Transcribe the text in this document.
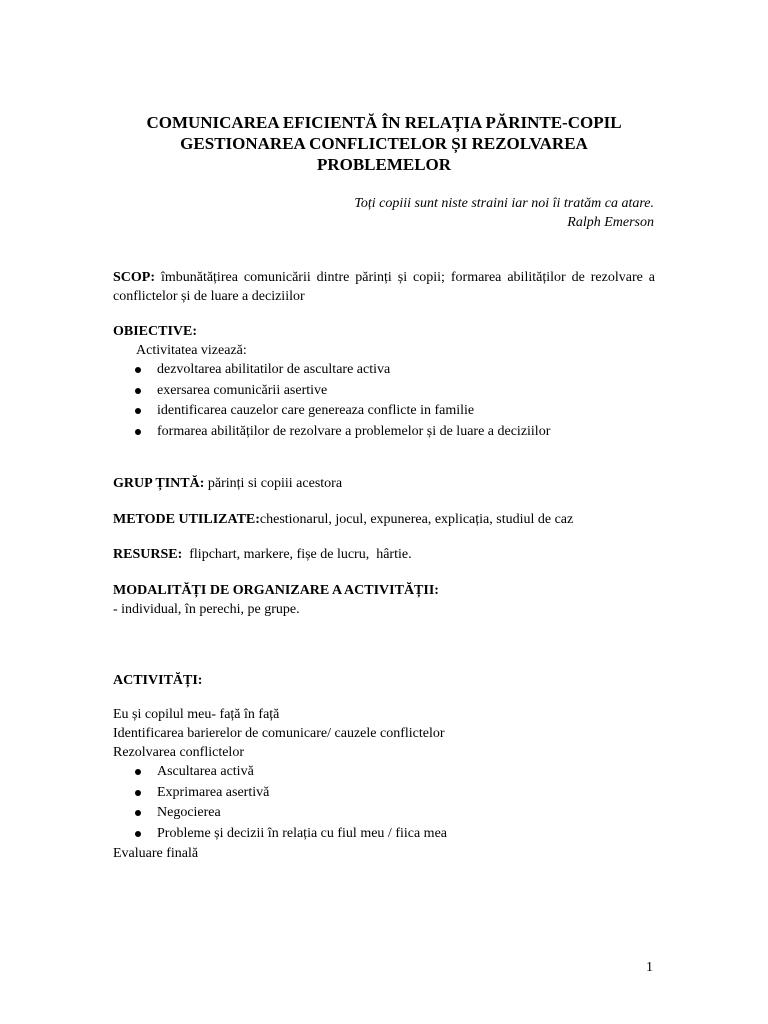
COMUNICAREA EFICIENTĂ ÎN RELAȚIA PĂRINTE-COPIL
GESTIONAREA CONFLICTELOR ȘI REZOLVAREA
PROBLEMELOR
Toți copiii sunt niste straini iar noi îi tratăm ca atare.
Ralph Emerson
SCOP: îmbunătățirea comunicării dintre părinți și copii; formarea abilităților de rezolvare a conflictelor și de luare a deciziilor
OBIECTIVE:
Activitatea vizează:
dezvoltarea abilitatilor de ascultare activa
exersarea comunicării asertive
identificarea cauzelor care genereaza conflicte in familie
formarea abilităților de rezolvare a problemelor și de luare a deciziilor
GRUP ȚINTĂ: părinți si copiii acestora
METODE UTILIZATE:chestionarul, jocul, expunerea, explicația, studiul de caz
RESURSE:  flipchart, markere, fișe de lucru,  hârtie.
MODALITĂȚI DE ORGANIZARE A ACTIVITĂȚII:
- individual, în perechi, pe grupe.
ACTIVITĂȚI:
Eu și copilul meu- față în față
Identificarea barierelor de comunicare/ cauzele conflictelor
Rezolvarea conflictelor
Ascultarea activă
Exprimarea asertivă
Negocierea
Probleme și decizii în relația cu fiul meu / fiica mea
Evaluare finală
1
